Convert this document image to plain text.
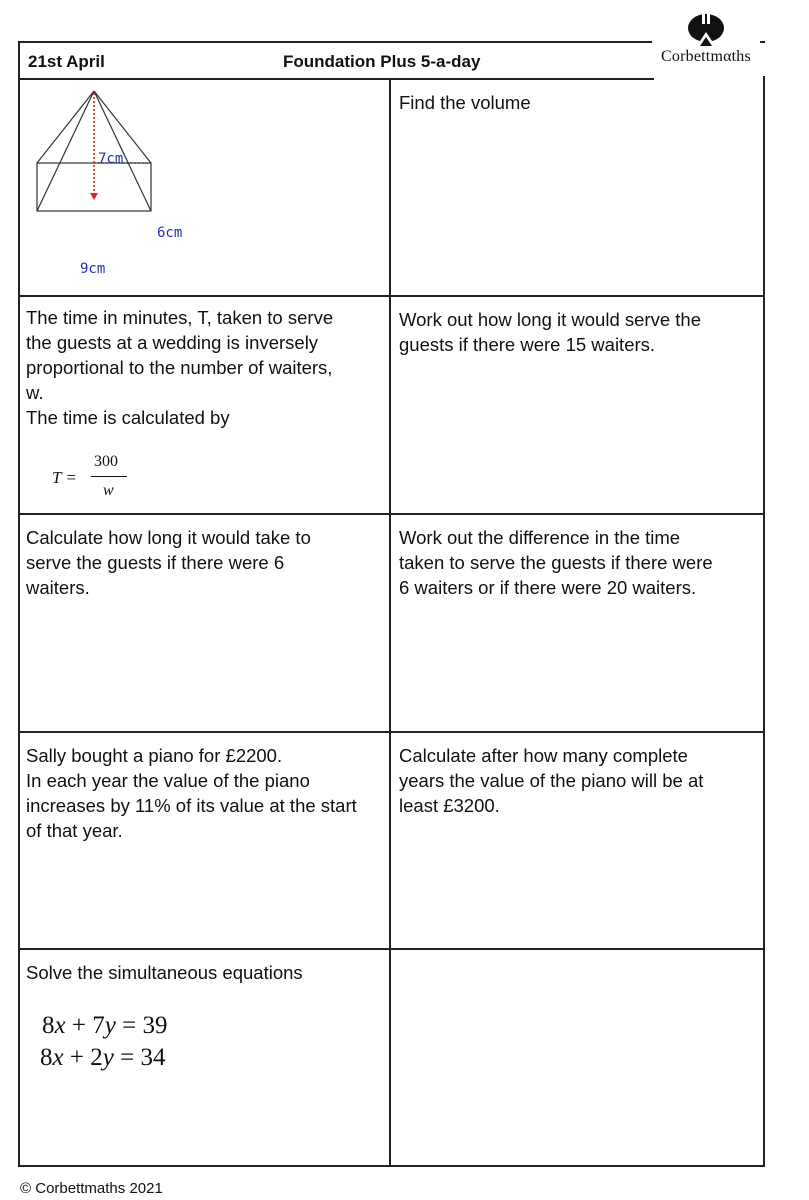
21st April	Foundation Plus 5-a-day
7cm
6cm
9cm
Find the volume
The time in minutes, T, taken to serve
the guests at a wedding is inversely
proportional to the number of waiters,
w.
The time is calculated by
T =
300
w
Work out how long it would serve the
guests if there were 15 waiters.
Calculate how long it would take to
serve the guests if there were 6
waiters.
Work out the difference in the time
taken to serve the guests if there were
6 waiters or if there were 20 waiters.
Sally bought a piano for £2200.
In each year the value of the piano
increases by 11% of its value at the start
of that year.
Calculate after how many complete
years the value of the piano will be at
least £3200.
Solve the simultaneous equations
8x + 7y = 39
8x + 2y = 34
Corbettmαths
© Corbettmaths 2021
